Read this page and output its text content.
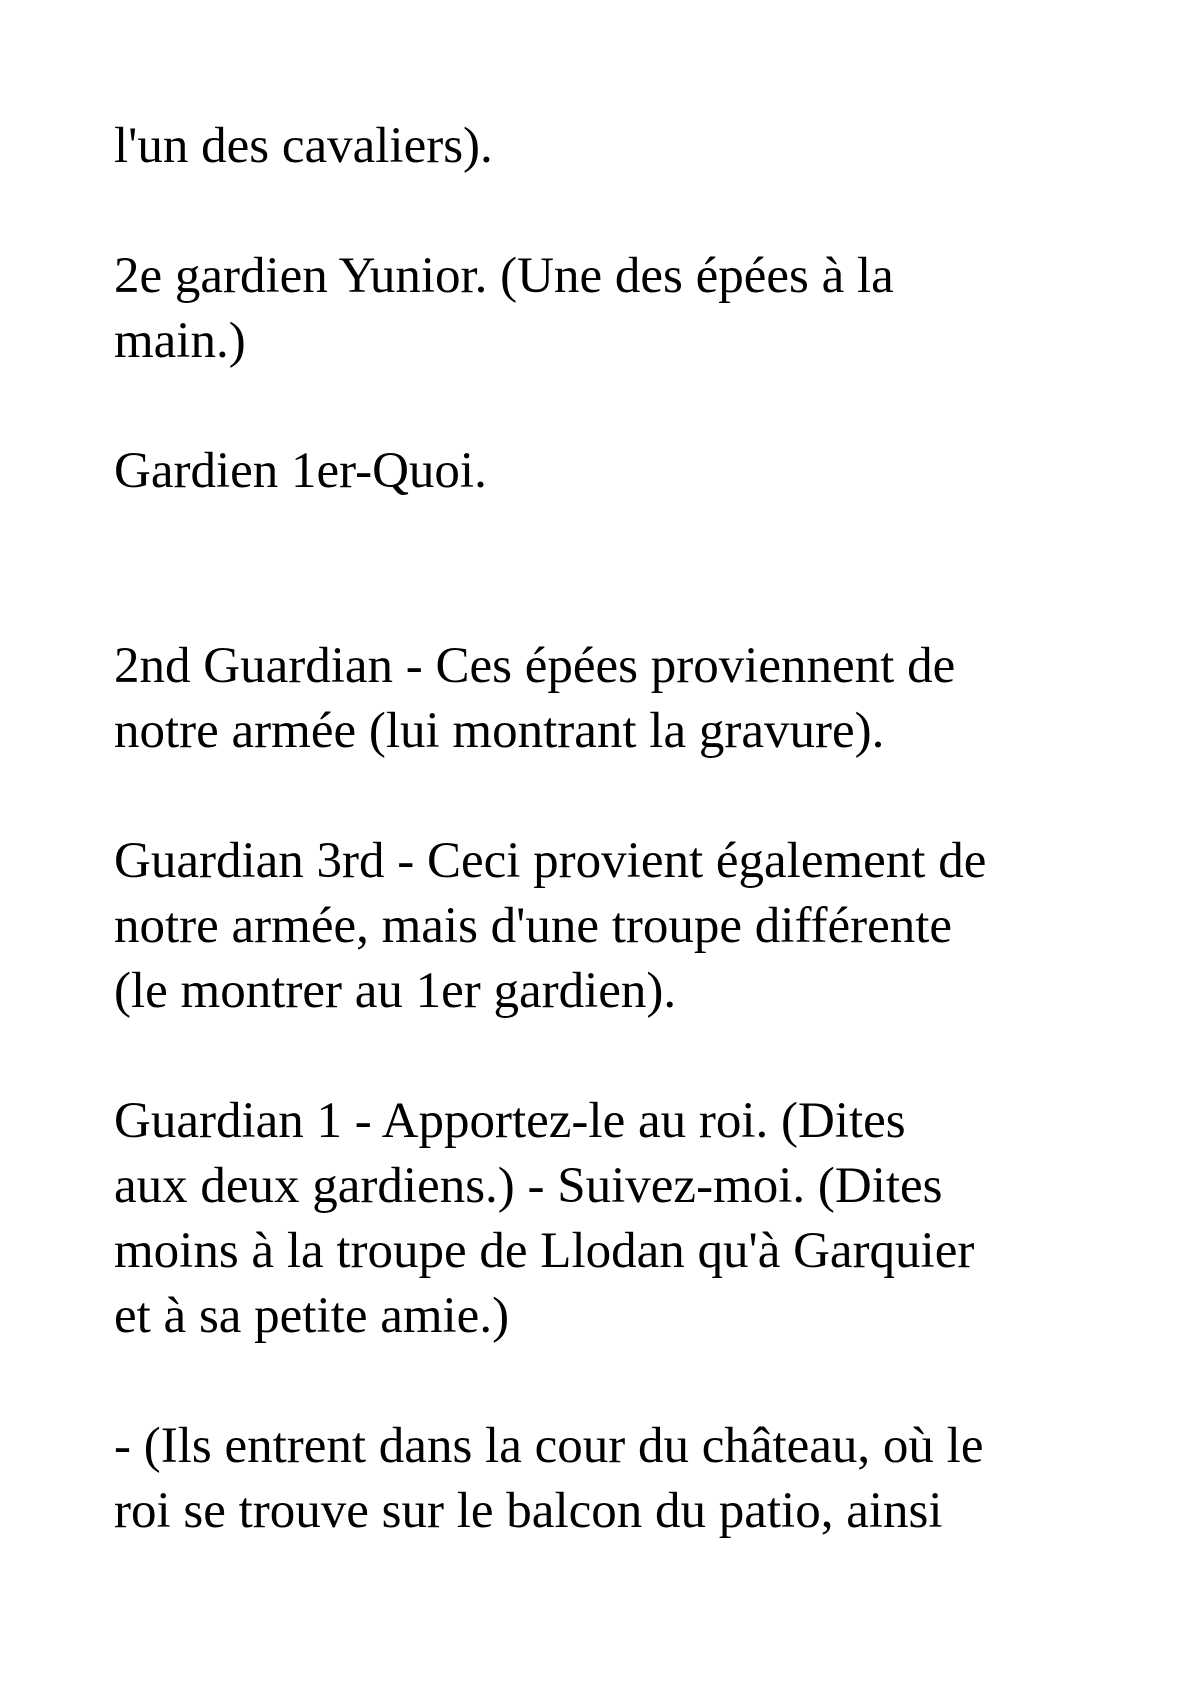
l'un des cavaliers).

2e gardien Yunior. (Une des épées à la
main.)

Gardien 1er-Quoi.

2nd Guardian - Ces épées proviennent de
notre armée (lui montrant la gravure).

Guardian 3rd - Ceci provient également de
notre armée, mais d'une troupe différente
(le montrer au 1er gardien).

Guardian 1 - Apportez-le au roi. (Dites
aux deux gardiens.) - Suivez-moi. (Dites
moins à la troupe de Llodan qu'à Garquier
et à sa petite amie.)

- (Ils entrent dans la cour du château, où le
roi se trouve sur le balcon du patio, ainsi
